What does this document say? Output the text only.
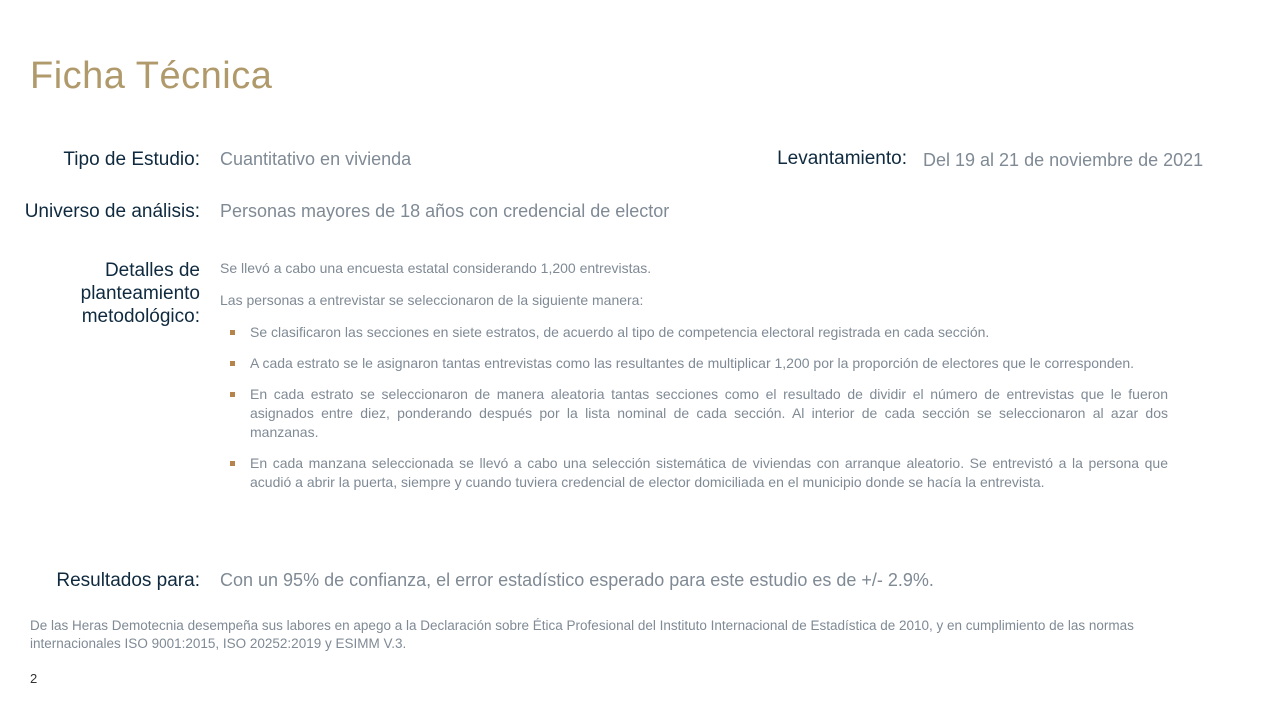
Ficha Técnica
Tipo de Estudio: Cuantitativo en vivienda	Levantamiento: Del 19 al 21 de noviembre de 2021
Universo de análisis: Personas mayores de 18 años con credencial de elector
Detalles de
planteamiento
metodológico:

Se llevó a cabo una encuesta estatal considerando 1,200 entrevistas.

Las personas a entrevistar se seleccionaron de la siguiente manera:

Se clasificaron las secciones en siete estratos, de acuerdo al tipo de competencia electoral registrada en cada sección.
A cada estrato se le asignaron tantas entrevistas como las resultantes de multiplicar 1,200 por la proporción de electores que le corresponden.
En cada estrato se seleccionaron de manera aleatoria tantas secciones como el resultado de dividir el número de entrevistas que le fueron asignados entre diez, ponderando después por la lista nominal de cada sección. Al interior de cada sección se seleccionaron al azar dos manzanas.
En cada manzana seleccionada se llevó a cabo una selección sistemática de viviendas con arranque aleatorio. Se entrevistó a la persona que acudió a abrir la puerta, siempre y cuando tuviera credencial de elector domiciliada en el municipio donde se hacía la entrevista.
Resultados para: Con un 95% de confianza, el error estadístico esperado para este estudio es de +/- 2.9%.
De las Heras Demotecnia desempeña sus labores en apego a la Declaración sobre Ética Profesional del Instituto Internacional de Estadística de 2010, y en cumplimiento de las normas internacionales ISO 9001:2015, ISO 20252:2019 y ESIMM V.3.
2
